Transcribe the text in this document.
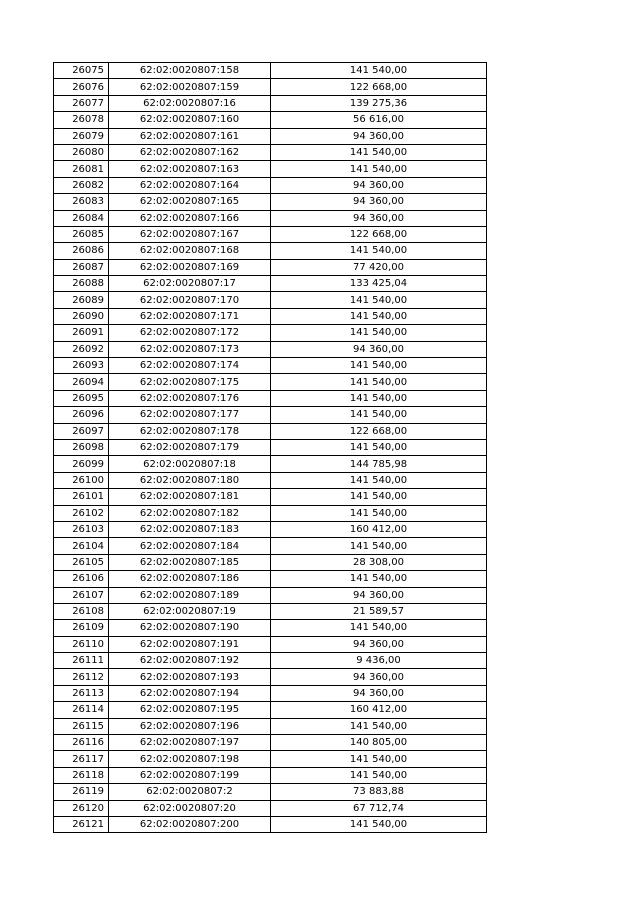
26075	62:02:0020807:158	141 540,00
26076	62:02:0020807:159	122 668,00
26077	62:02:0020807:16	139 275,36
26078	62:02:0020807:160	56 616,00
26079	62:02:0020807:161	94 360,00
26080	62:02:0020807:162	141 540,00
26081	62:02:0020807:163	141 540,00
26082	62:02:0020807:164	94 360,00
26083	62:02:0020807:165	94 360,00
26084	62:02:0020807:166	94 360,00
26085	62:02:0020807:167	122 668,00
26086	62:02:0020807:168	141 540,00
26087	62:02:0020807:169	77 420,00
26088	62:02:0020807:17	133 425,04
26089	62:02:0020807:170	141 540,00
26090	62:02:0020807:171	141 540,00
26091	62:02:0020807:172	141 540,00
26092	62:02:0020807:173	94 360,00
26093	62:02:0020807:174	141 540,00
26094	62:02:0020807:175	141 540,00
26095	62:02:0020807:176	141 540,00
26096	62:02:0020807:177	141 540,00
26097	62:02:0020807:178	122 668,00
26098	62:02:0020807:179	141 540,00
26099	62:02:0020807:18	144 785,98
26100	62:02:0020807:180	141 540,00
26101	62:02:0020807:181	141 540,00
26102	62:02:0020807:182	141 540,00
26103	62:02:0020807:183	160 412,00
26104	62:02:0020807:184	141 540,00
26105	62:02:0020807:185	28 308,00
26106	62:02:0020807:186	141 540,00
26107	62:02:0020807:189	94 360,00
26108	62:02:0020807:19	21 589,57
26109	62:02:0020807:190	141 540,00
26110	62:02:0020807:191	94 360,00
26111	62:02:0020807:192	9 436,00
26112	62:02:0020807:193	94 360,00
26113	62:02:0020807:194	94 360,00
26114	62:02:0020807:195	160 412,00
26115	62:02:0020807:196	141 540,00
26116	62:02:0020807:197	140 805,00
26117	62:02:0020807:198	141 540,00
26118	62:02:0020807:199	141 540,00
26119	62:02:0020807:2	73 883,88
26120	62:02:0020807:20	67 712,74
26121	62:02:0020807:200	141 540,00
